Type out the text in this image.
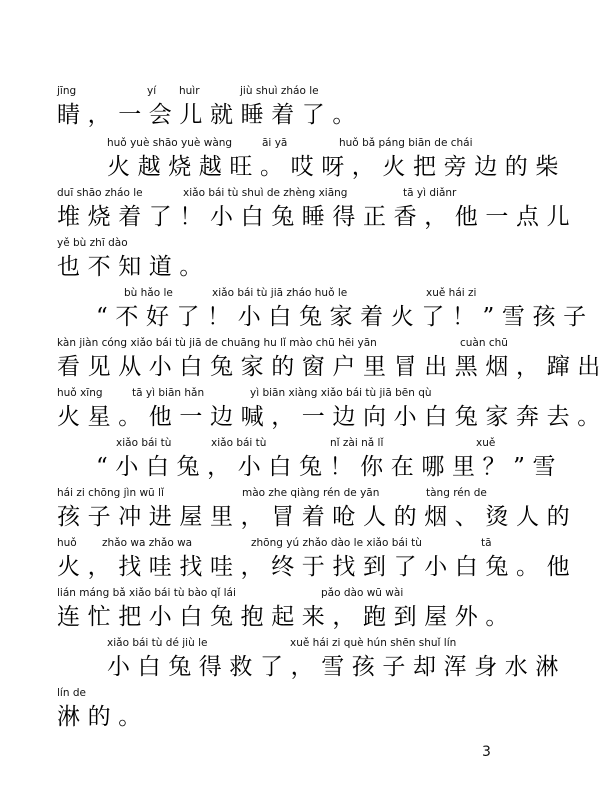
jīng	yí huìr	jiù shuì zháo le
睛，一会儿就睡着了。
huǒ yuè shāo yuè wàng	āi yā	huǒ bǎ páng biān de chái
火越烧越旺。哎呀，火把旁边的柴
duī shāo zháo le	xiǎo bái tù shuì de zhèng xiāng	tā yì diǎnr
堆烧着了！小白兔睡得正香，他一点儿
yě bù zhī dào
也不知道。
bù hǎo le	xiǎo bái tù jiā zháo huǒ le	xuě hái zi
“不好了！小白兔家着火了！”雪孩子
kàn jiàn cóng xiǎo bái tù jiā de chuāng hu lǐ mào chū hēi yān	cuàn chū
看见从小白兔家的窗户里冒出黑烟，蹿出
huǒ xīng	tā yì biān hǎn	yì biān xiàng xiǎo bái tù jiā bēn qù
火星。他一边喊，一边向小白兔家奔去。
xiǎo bái tù	xiǎo bái tù	nǐ zài nǎ lǐ	xuě
“小白兔，小白兔！你在哪里？”雪
hái zi chōng jìn wū lǐ	mào zhe qiàng rén de yān	tàng rén de
孩子冲进屋里，冒着呛人的烟、烫人的
huǒ zhǎo wa zhǎo wa	zhōng yú zhǎo dào le xiǎo bái tù	tā
火，找哇找哇，终于找到了小白兔。他
lián máng bǎ xiǎo bái tù bào qǐ lái	pǎo dào wū wài
连忙把小白兔抱起来，跑到屋外。
xiǎo bái tù dé jiù le	xuě hái zi què hún shēn shuǐ lín
小白兔得救了，雪孩子却浑身水淋
lín de
淋的。
3
